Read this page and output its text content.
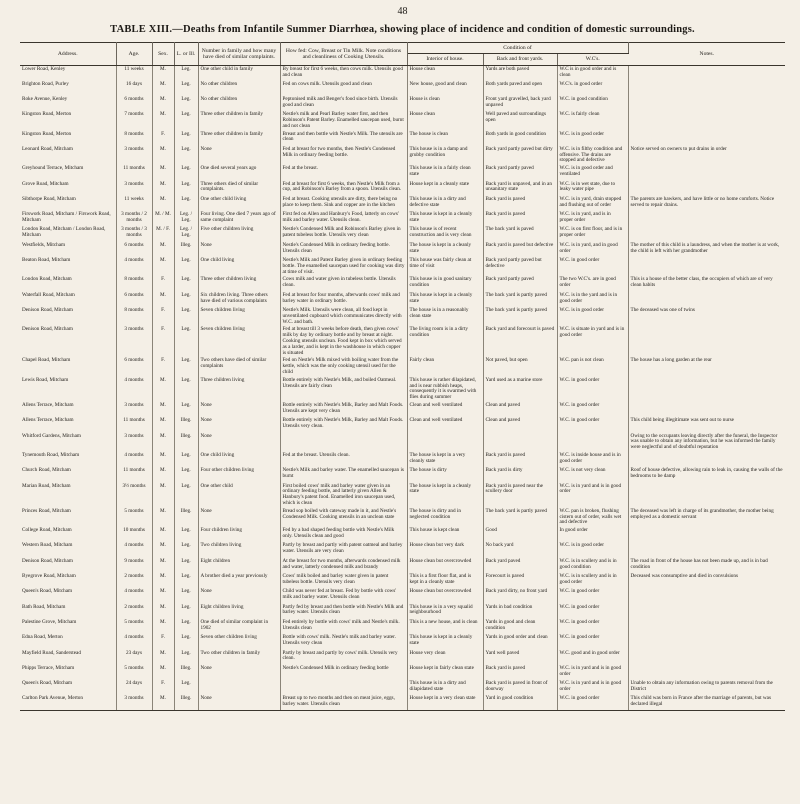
48
TABLE XIII.—Deaths from Infantile Summer Diarrhœa, showing place of incidence and condition of domestic surroundings.
Address.	Age.	Sex.	L. or Ill.	Number in family and how many have died of similar complaints.	How fed: Cow, Breast or Tin Milk. Note conditions and cleanliness of Cooking Utensils.	Condition of			Notes.
						Interior of house.	Back and front yards.	W.C's.	
Lower Road, Kenley	11 weeks	M.	Leg.	One other child in family	By breast for first 6 weeks, then cows milk. Utensils good and clean	House clean	Yards are both paved	W.C is in good order and is clean	
Brighton Road, Purley	16 days	M.	Leg.	No other children	Fed on cows milk. Utensils good and clean	New house, good and clean	Both yards paved and open	W.C's. in good order	
Roke Avenue, Kenley	6 months	M.	Leg.	No other children	Peptonised milk and Benger's food since birth. Utensils good and clean	House is clean	Front yard gravelled, back yard unpaved	W.C. in good condition	
Kingston Road, Merton	7 months	M.	Leg.	Three other children in family	Nestle's milk and Pearl Barley water first, and then Robinson's Patent Barley. Enamelled saucepan used, burnt and not clean	House clean	Well paved and surroundings open	W.C. is fairly clean	
Kingston Road, Merton	8 months	F.	Leg.	Three other children in family	Breast and then bottle with Nestle's Milk. The utensils are clean	The house is clean	Both yards in good condition	W.C. is in good order	
Leonard Road, Mitcham	3 months	M.	Leg.	None	Fed at breast for two months, then Nestle's Condensed Milk in ordinary feeding bottle.	This house is in a damp and grubby condition	Back yard partly paved but dirty	W.C. is in filthy condition and offensive. The drains are stopped and defective	Notice served on owners to put drains in order
Greyhound Terrace, Mitcham	11 months	M.	Leg.	One died several years ago	Fed at the breast.	This house is in a fairly clean state	Back yard partly paved	W.C. is in good order and ventilated	
Grove Road, Mitcham	3 months	M.	Leg.	Three others died of similar complaints.	Fed at breast for first 6 weeks, then Nestle's Milk from a cup, and Robinson's Barley from a spoon. Utensils clean.	House kept in a cleanly state	Back yard is unpaved, and in an unsanitary state	W.C. is in wet state, due to leaky water pipe	
Sibthorpe Road, Mitcham	11 weeks	M.	Leg.	One other child living	Fed at breast. Cooking utensils are dirty, there being no place to keep them. Sink and copper are in the kitchen	This house is in a dirty and defective state	Back yard is paved	W.C. is in yard, drain stopped and flushing out of order	The parents are hawkers, and have little or no home comforts. Notice served to repair drains.
Firswork Road, Mitcham / Firswork Road, Mitcham	3 months / 2 months	M. / M.	Leg. / Leg.	Four living. One died 7 years ago of same complaint	First fed on Allen and Hanbury's Food, latterly on cows' milk and barley water. Utensils clean.	This house is kept in a cleanly state	Back yard is paved	W.C. is in yard, and is in proper order	
London Road, Mitcham / London Road, Mitcham	3 months / 3 months	M. / F.	Leg. / Leg.	Five other children living	Nestle's Condensed Milk and Robinson's Barley given in patent tubeless bottle. Utensils very clean	This house is of recent construction and is very clean	The back yard is paved	W.C. is on first floor, and is in proper order	
Westfields, Mitcham	6 months	M.	Illeg.	None	Nestle's Condensed Milk in ordinary feeding bottle. Utensils clean	The house is kept in a cleanly state	Back yard is paved but defective	W.C. is in yard, and in good order	The mother of this child is a laundress, and when the mother is at work, the child is left with her grandmother
Beaton Road, Mitcham	4 months	M.	Leg.	One child living	Nestle's Milk and Patent Barley given in ordinary feeding bottle. The enamelled saucepan used for cooking was dirty at time of visit.	This house was fairly clean at time of visit	Back yard partly paved but defective	W.C. in good order	
London Road, Mitcham	8 months	F.	Leg.	Three other children living	Cows milk and water given in tubeless bottle. Utensils clean.	This house is in good sanitary condition	Back yard partly paved	The two W.C's. are in good order	This is a house of the better class, the occupiers of which are of very clean habits
Waterfall Road, Mitcham	6 months	M.	Leg.	Six children living. Three others have died of various complaints	Fed at breast for four months, afterwards cows' milk and barley water in ordinary bottle.	This house is kept in a cleanly state	The back yard is partly paved	W.C. is in the yard and is in good order	
Denison Road, Mitcham	8 months	F.	Leg.	Seven children living	Nestle's Milk. Utensils were clean, all food kept in unventilated cupboard which communicates directly with W.C. and bath.	The house is in a reasonably clean state	The back yard is partly paved	W.C. is in good order	The deceased was one of twins
Denison Road, Mitcham	3 months	F.	Leg.	Seven children living	Fed at breast till 3 weeks before death, then given cows' milk by day by ordinary bottle and by breast at night. Cooking utensils unclean. Food kept in box which served as a larder, and is kept in the washhouse in which copper is situated	The living room is in a dirty condition	Back yard and forecourt is paved	W.C. is situate in yard and is in good order	
Chapel Road, Mitcham	6 months	F.	Leg.	Two others have died of similar complaints	Fed on Nestle's Milk mixed with boiling water from the kettle, which was the only cooking utensil used for the child	Fairly clean	Not paved, but open	W.C. pan is not clean	The house has a long garden at the rear
Lewis Road, Mitcham	4 months	M.	Leg.	Three children living	Bottle entirely with Nestle's Milk, and boiled Oatmeal. Utensils are fairly clean	This house is rather dilapidated, and is near rubbish heaps, consequently it is swarmed with flies during summer	Yard used as a marine store	W.C. in good order	
Allens Terrace, Mitcham	3 months	M.	Leg.	None	Bottle entirely with Nestle's Milk, Barley and Malt Foods. Utensils are kept very clean	Clean and well ventilated	Clean and paved	W.C. in good order	
Allens Terrace, Mitcham	11 months	M.	Illeg.	None	Bottle entirely with Nestle's Milk, Barley and Malt Foods. Utensils very clean.	Clean and well ventilated	Clean and paved	W.C. in good order	This child being illegitimate was sent out to nurse
Whitford Gardens, Mitcham	3 months	M.	Illeg.	None					Owing to the occupants leaving directly after the funeral, the Inspector was unable to obtain any information, but he was informed the family were neglectful and of doubtful reputation
Tynemouth Road, Mitcham	4 months	M.	Leg.	One child living	Fed at the breast. Utensils clean.	The house is kept in a very cleanly state	Back yard is paved	W.C. is inside house and is in good order	
Church Road, Mitcham	11 months	M.	Leg.	Four other children living	Nestle's Milk and barley water. The enamelled saucepan is burnt	The house is dirty	Back yard is dirty	W.C. is not very clean	Roof of house defective, allowing rain to leak in, causing the walls of the bedrooms to be damp
Marian Road, Mitcham	3½ months	M.	Leg.	One other child	First boiled cows' milk and barley water given in an ordinary feeding bottle, and latterly given Allen & Hanbury's patent food. Enamelled iron saucepan used, which is clean	The house is kept in a cleanly state	Back yard is paved near the scullery door	W.C. is in yard and is in good order	
Princes Road, Mitcham	5 months	M.	Illeg.	None	Bread sop boiled with cateway made in it, and Nestle's Condensed Milk. Cooking utensils in an unclean state	The house is dirty and in neglected condition	The back yard is partly paved	W.C. pan is broken, flushing cistern out of order, walls wet and defective	The deceased was left in charge of its grandmother, the mother being employed as a domestic servant
College Road, Mitcham	10 months	M.	Leg.	Four children living	Fed by a bad shaped feeding bottle with Nestle's Milk only. Utensils clean and good	This house is kept clean	Good	In good order	
Western Road, Mitcham	4 months	M.	Leg.	Two children living	Partly by breast and partly with patent oatmeal and barley water. Utensils are very clean	House clean but very dark	No back yard	W.C. is in good order	
Denison Road, Mitcham	9 months	M.	Leg.	Eight children	At the breast for two months, afterwards condensed milk and water, latterly condensed milk and brandy	House clean but overcrowded	Back yard paved	W.C. is in scullery and is in good condition	The road in front of the house has not been made up, and is in bad condition
Byegrove Road, Mitcham	2 months	M.	Leg.	A brother died a year previously	Cows' milk boiled and barley water given in patent tubeless bottle. Utensils very clean	This is a first floor flat, and is kept in a cleanly state	Forecourt is paved	W.C. is in scullery and is in good order	Deceased was consumptive and died in convulsions
Queen's Road, Mitcham	4 months	M.	Leg.	None	Child was never fed at breast. Fed by bottle with cows' milk and barley water. Utensils clean	House clean but overcrowded	Back yard dirty, no front yard	W.C. in good order	
Bath Road, Mitcham	2 months	M.	Leg.	Eight children living	Partly fed by breast and then bottle with Nestle's Milk and barley water. Utensils clean	This house is in a very squalid neighbourhood	Yards in bad condition	W.C. in good order	
Palestine Grove, Mitcham	5 months	M.	Leg.	One died of similar complaint in 1902	Fed entirely by bottle with cows' milk and Nestle's milk. Utensils clean	This is a new house, and is clean	Yards in good and clean condition	W.C. in good order	
Edna Road, Merton	4 months	F.	Leg.	Seven other children living	Bottle with cows' milk. Nestle's milk and barley water. Utensils very clean	This house is kept in a cleanly state	Yards in good order and clean	W.C. in good order	
Mayfield Road, Sanderstead	23 days	M.	Leg.	Two other children in family	Partly by breast and partly by cows' milk. Utensils very clean.	House very clean	Yard well paved	W.C. good and in good order	
Phipps Terrace, Mitcham	5 months	M.	Illeg.	None	Nestle's Condensed Milk in ordinary feeding bottle	House kept in fairly clean state	Back yard is paved	W.C. is in yard and is in good order	
Queen's Road, Mitcham	24 days	F.	Leg.			This house is in a dirty and dilapidated state	Back yard is paved in front of doorway	W.C. is in yard and is in good order	Unable to obtain any information owing to parents removal from the District
Carlton Park Avenue, Merton	3 months	M.	Illeg.	None	Breast up to two months and then on meat juice, eggs, barley water. Utensils clean	House kept in a very clean state	Yard in good condition	W.C. in good order	This child was born in France after the marriage of parents, but was declared illegal
